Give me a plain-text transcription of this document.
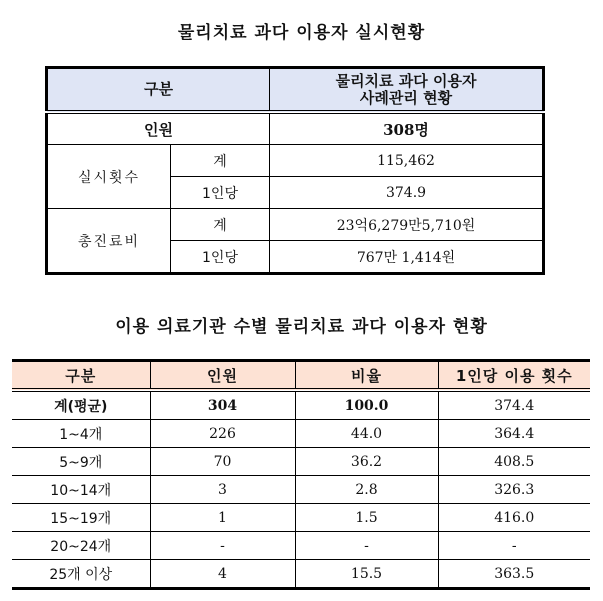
물리치료 과다 이용자 실시현황
구분		물리치료 과다 이용자
사례관리 현황

인원		308명
실시횟수	계	115,462
	1인당	374.9
총진료비	계	23억6,279만5,710원
	1인당	767만 1,414원
이용 의료기관 수별 물리치료 과다 이용자 현황
구분	인원	비율	1인당 이용 횟수
계(평균)	304	100.0	374.4
1~4개	226	44.0	364.4
5~9개	70	36.2	408.5
10~14개	3	2.8	326.3
15~19개	1	1.5	416.0
20~24개	-	-	-
25개 이상	4	15.5	363.5
